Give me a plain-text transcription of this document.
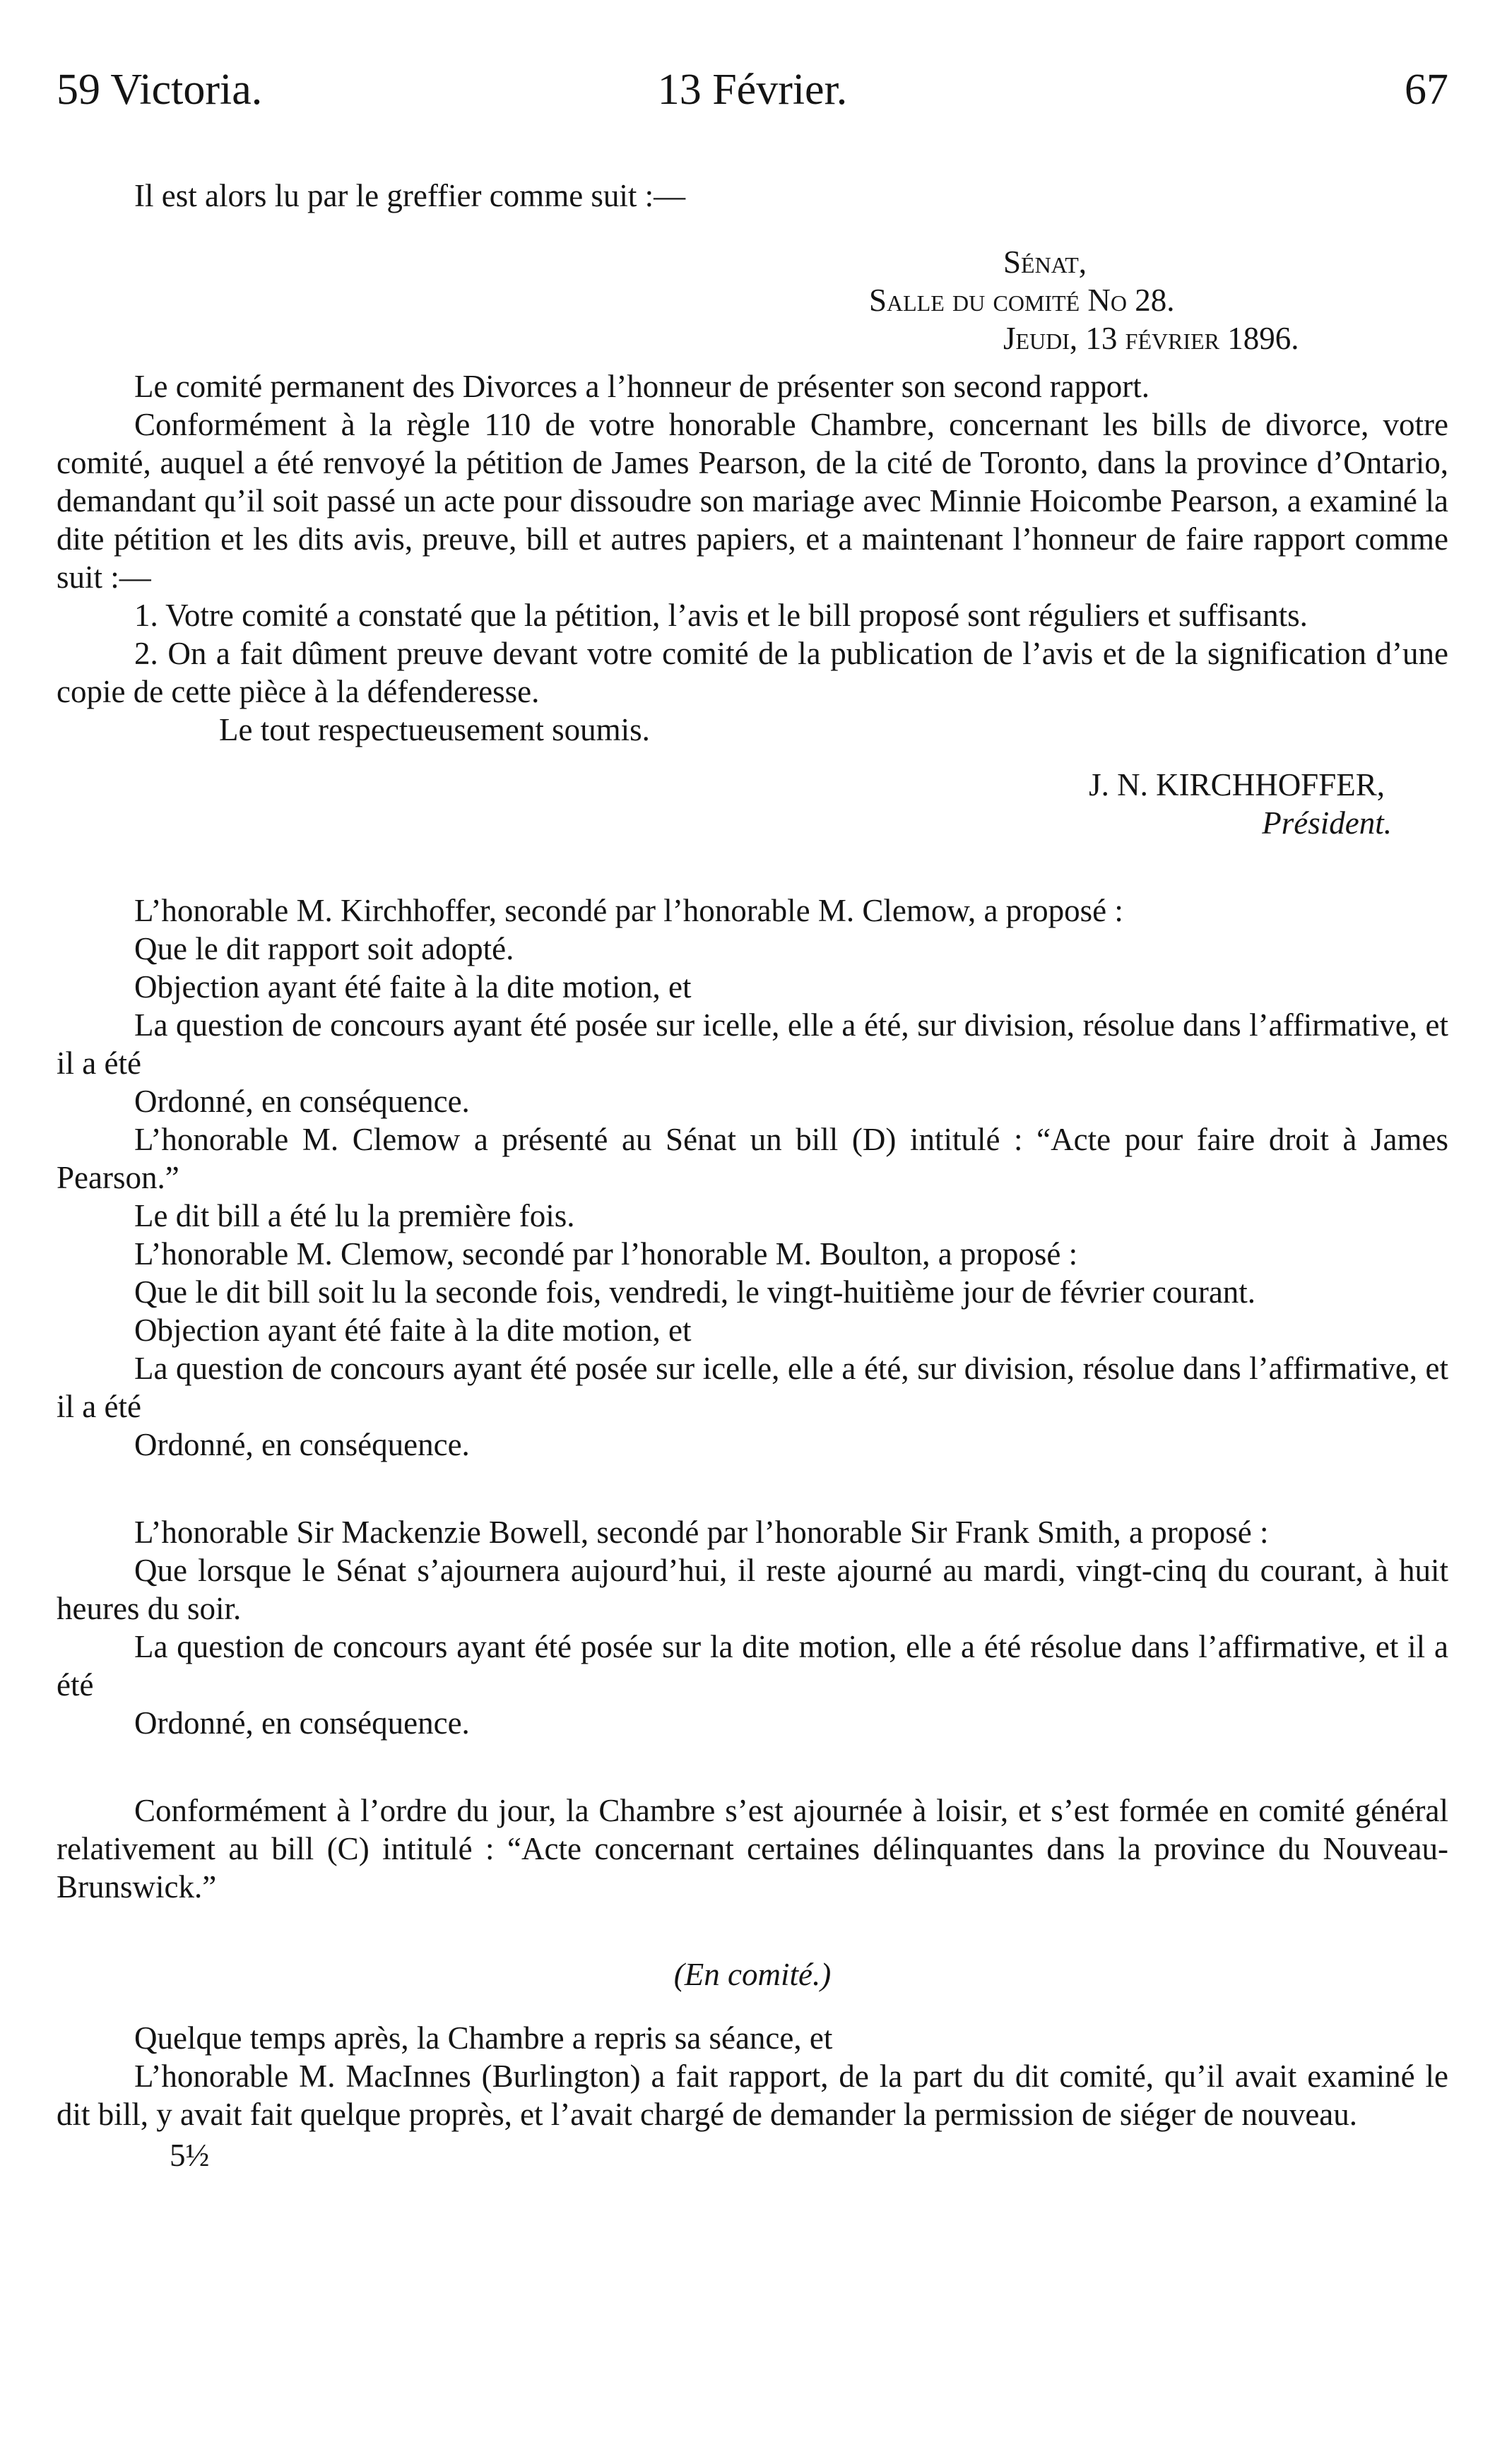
59 Victoria.	13 Février.	67

Il est alors lu par le greffier comme suit :—

Sénat,

Salle du comité No 28.

Jeudi, 13 février 1896.

Le comité permanent des Divorces a l’honneur de présenter son second rapport.

Conformément à la règle 110 de votre honorable Chambre, concernant les bills de divorce, votre comité, auquel a été renvoyé la pétition de James Pearson, de la cité de Toronto, dans la province d’Ontario, demandant qu’il soit passé un acte pour dissoudre son mariage avec Minnie Hoicombe Pearson, a examiné la dite pétition et les dits avis, preuve, bill et autres papiers, et a maintenant l’honneur de faire rapport comme suit :—

1. Votre comité a constaté que la pétition, l’avis et le bill proposé sont réguliers et suffisants.

2. On a fait dûment preuve devant votre comité de la publication de l’avis et de la signification d’une copie de cette pièce à la défenderesse.

Le tout respectueusement soumis.

J. N. KIRCHHOFFER,

Président.

L’honorable M. Kirchhoffer, secondé par l’honorable M. Clemow, a proposé :

Que le dit rapport soit adopté.

Objection ayant été faite à la dite motion, et

La question de concours ayant été posée sur icelle, elle a été, sur division, résolue dans l’affirmative, et il a été

Ordonné, en conséquence.

L’honorable M. Clemow a présenté au Sénat un bill (D) intitulé : “Acte pour faire droit à James Pearson.”

Le dit bill a été lu la première fois.

L’honorable M. Clemow, secondé par l’honorable M. Boulton, a proposé :

Que le dit bill soit lu la seconde fois, vendredi, le vingt-huitième jour de février courant.

Objection ayant été faite à la dite motion, et

La question de concours ayant été posée sur icelle, elle a été, sur division, résolue dans l’affirmative, et il a été

Ordonné, en conséquence.

L’honorable Sir Mackenzie Bowell, secondé par l’honorable Sir Frank Smith, a proposé :

Que lorsque le Sénat s’ajournera aujourd’hui, il reste ajourné au mardi, vingt-cinq du courant, à huit heures du soir.

La question de concours ayant été posée sur la dite motion, elle a été résolue dans l’affirmative, et il a été

Ordonné, en conséquence.

Conformément à l’ordre du jour, la Chambre s’est ajournée à loisir, et s’est formée en comité général relativement au bill (C) intitulé : “Acte concernant certaines délinquantes dans la province du Nouveau-Brunswick.”

(En comité.)

Quelque temps après, la Chambre a repris sa séance, et

L’honorable M. MacInnes (Burlington) a fait rapport, de la part du dit comité, qu’il avait examiné le dit bill, y avait fait quelque proprès, et l’avait chargé de demander la permission de siéger de nouveau.

5½
